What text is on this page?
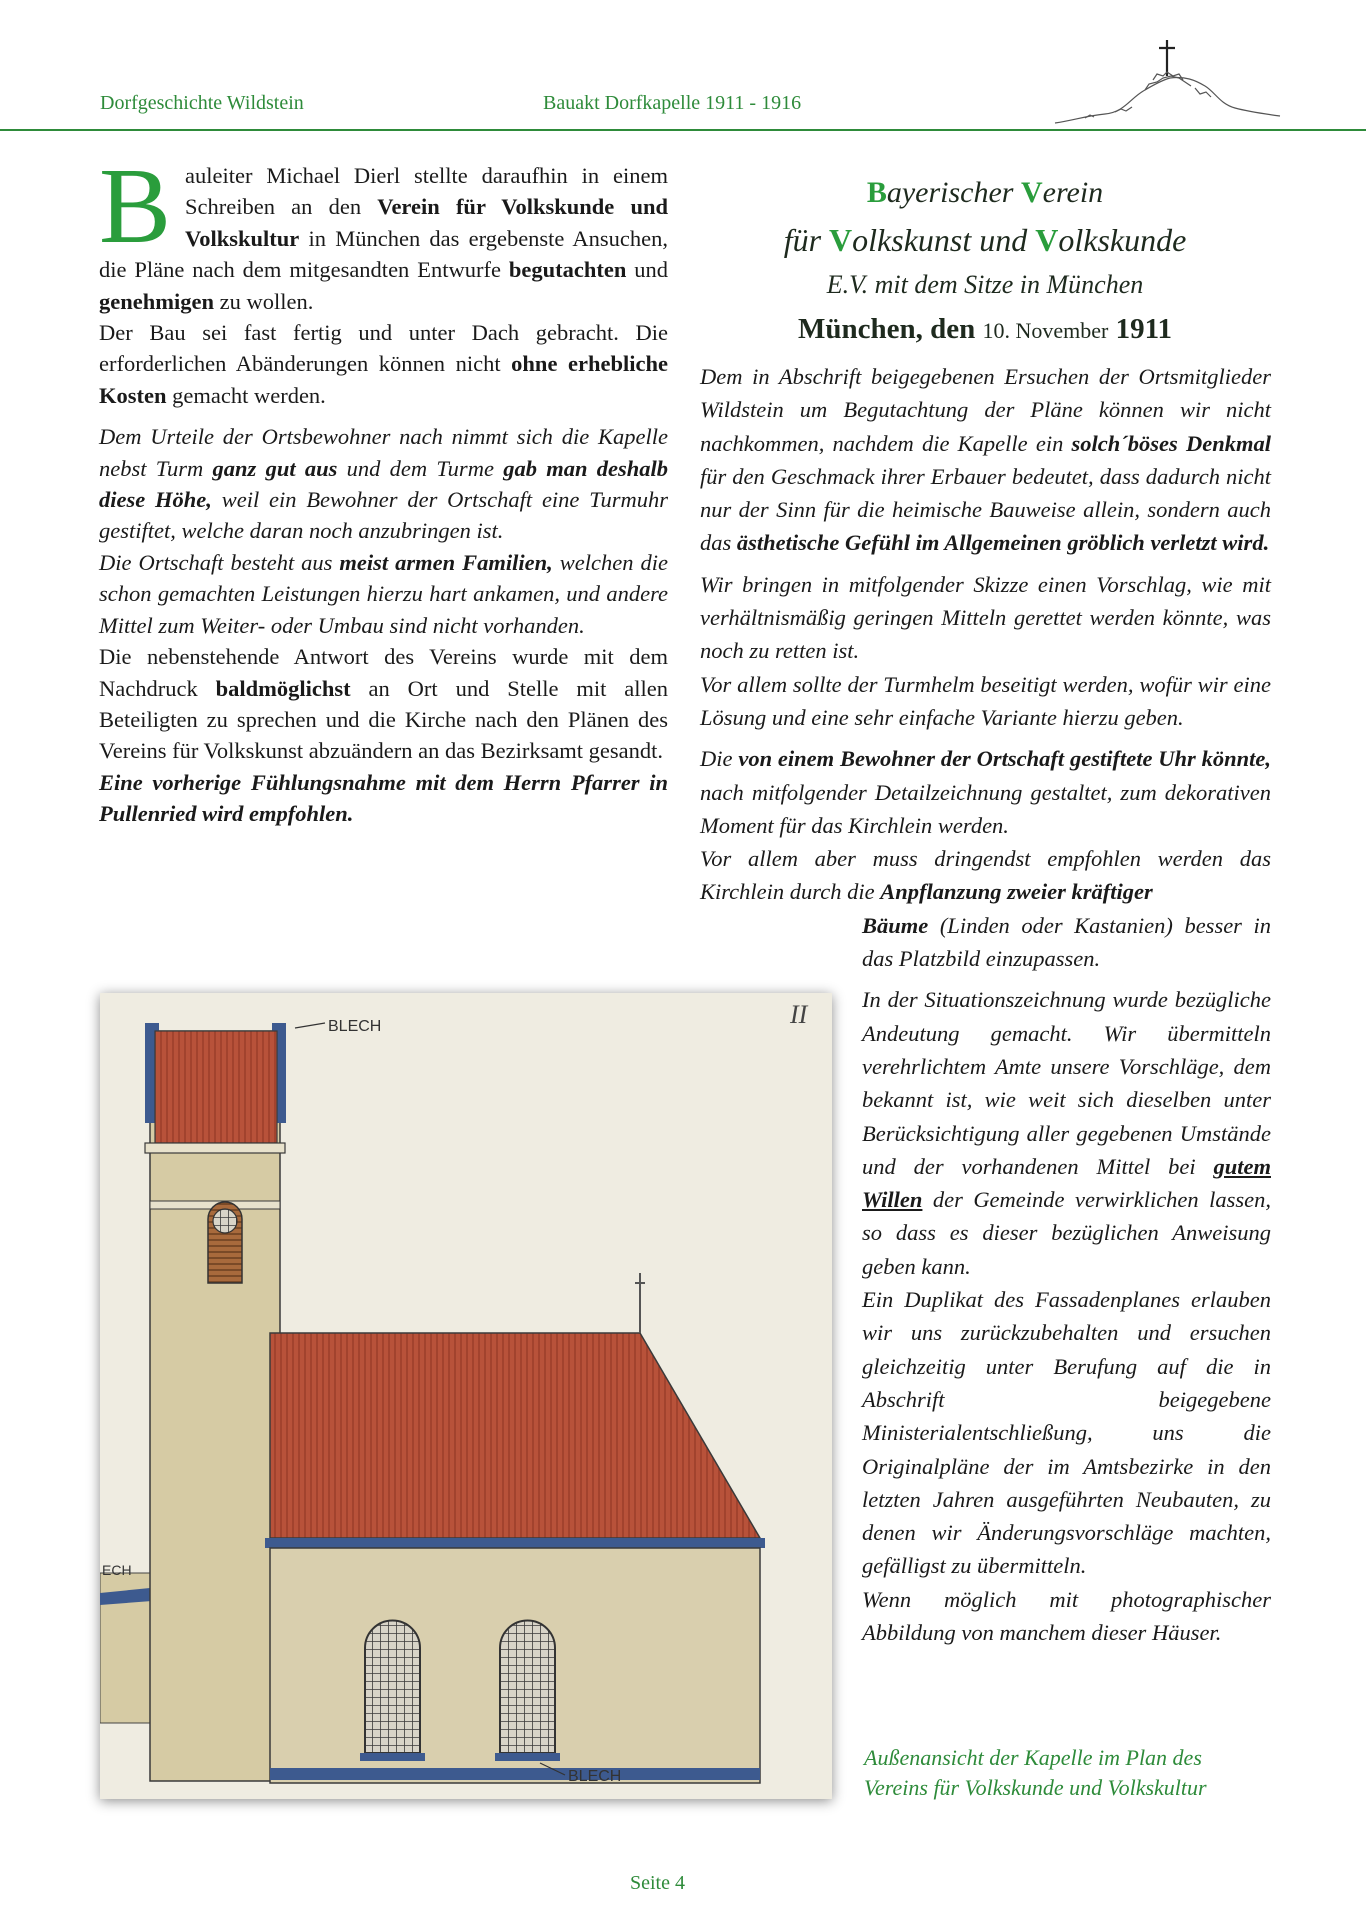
Dorfgeschichte Wildstein	Bauakt Dorfkapelle 1911 - 1916

Bauleiter Michael Dierl stellte daraufhin in einem Schreiben an den Verein für Volkskunde und Volkskultur in München das ergebenste Ansuchen, die Pläne nach dem mitgesandten Entwurfe begutachten und genehmigen zu wollen.

Der Bau sei fast fertig und unter Dach gebracht. Die erforderlichen Abänderungen können nicht ohne erhebliche Kosten gemacht werden.

Dem Urteile der Ortsbewohner nach nimmt sich die Kapelle nebst Turm ganz gut aus und dem Turme gab man deshalb diese Höhe, weil ein Bewohner der Ortschaft eine Turmuhr gestiftet, welche daran noch anzubringen ist.

Die Ortschaft besteht aus meist armen Familien, welchen die schon gemachten Leistungen hierzu hart ankamen, und andere Mittel zum Weiter- oder Umbau sind nicht vorhanden.

Die nebenstehende Antwort des Vereins wurde mit dem Nachdruck baldmöglichst an Ort und Stelle mit allen Beteiligten zu sprechen und die Kirche nach den Plänen des Vereins für Volkskunst abzuändern an das Bezirksamt gesandt.

Eine vorherige Fühlungsnahme mit dem Herrn Pfarrer in Pullenried wird empfohlen.

Bayerischer Verein
für Volkskunst und Volkskunde
E.V. mit dem Sitze in München
München, den 10. November 1911

Dem in Abschrift beigegebenen Ersuchen der Ortsmitglieder Wildstein um Begutachtung der Pläne können wir nicht nachkommen, nachdem die Kapelle ein solch´böses Denkmal für den Geschmack ihrer Erbauer bedeutet, dass dadurch nicht nur der Sinn für die heimische Bauweise allein, sondern auch das ästhetische Gefühl im Allgemeinen gröblich verletzt wird.

Wir bringen in mitfolgender Skizze einen Vorschlag, wie mit verhältnismäßig geringen Mitteln gerettet werden könnte, was noch zu retten ist.

Vor allem sollte der Turmhelm beseitigt werden, wofür wir eine Lösung und eine sehr einfache Variante hierzu geben.

Die von einem Bewohner der Ortschaft gestiftete Uhr könnte, nach mitfolgender Detailzeichnung gestaltet, zum dekorativen Moment für das Kirchlein werden.

Vor allem aber muss dringendst empfohlen werden das Kirchlein durch die Anpflanzung zweier kräftiger

Bäume (Linden oder Kastanien) besser in das Platzbild einzupassen.

In der Situationszeichnung wurde bezügliche Andeutung gemacht. Wir übermitteln verehrlichtem Amte unsere Vorschläge, dem bekannt ist, wie weit sich dieselben unter Berücksichtigung aller gegebenen Umstände und der vorhandenen Mittel bei gutem Willen der Gemeinde verwirklichen lassen, so dass es dieser bezüglichen Anweisung geben kann.

Ein Duplikat des Fassadenplanes erlauben wir uns zurückzubehalten und ersuchen gleichzeitig unter Berufung auf die in Abschrift beigegebene Ministerialentschließung, uns die Originalpläne der im Amtsbezirke in den letzten Jahren ausgeführten Neubauten, zu denen wir Änderungsvorschläge machten, gefälligst zu übermitteln.

Wenn möglich mit photographischer Abbildung von manchem dieser Häuser.

BLECH
ECH
BLECH
II
Außenansicht der Kapelle im Plan des
Vereins für Volkskunde und Volkskultur
Seite 4
